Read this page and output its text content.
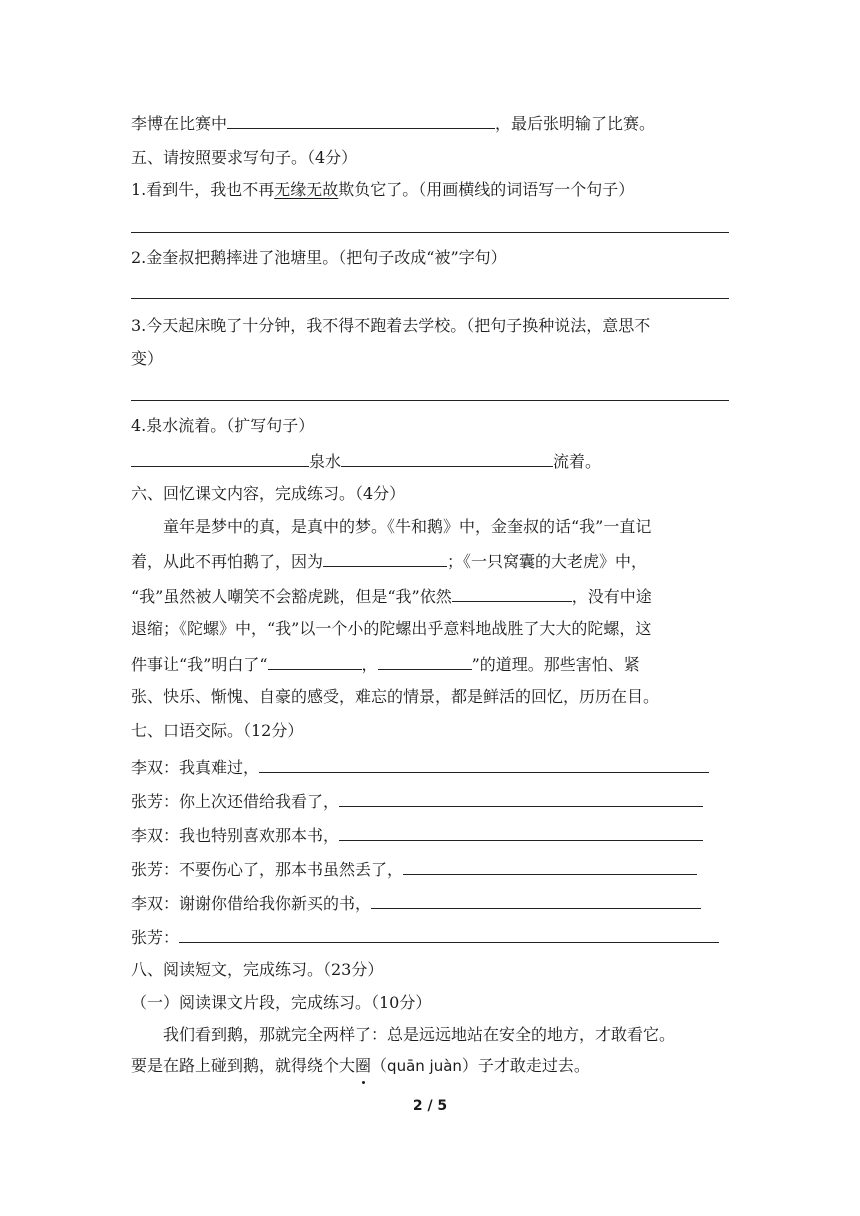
李博在比赛中	，最后张明输了比赛。
五、请按照要求写句子。（4分）
1.看到牛，我也不再无缘无故欺负它了。（用画横线的词语写一个句子）
2.金奎叔把鹅摔进了池塘里。（把句子改成“被”字句）
3.今天起床晚了十分钟，我不得不跑着去学校。（把句子换种说法，意思不
变）
4.泉水流着。（扩写句子）
泉水	流着。
六、回忆课文内容，完成练习。（4分）
童年是梦中的真，是真中的梦。《牛和鹅》中，金奎叔的话“我”一直记
着，从此不再怕鹅了，因为	；《一只窝囊的大老虎》中，
“我”虽然被人嘲笑不会豁虎跳，但是“我”依然	，没有中途
退缩；《陀螺》中，“我”以一个小的陀螺出乎意料地战胜了大大的陀螺，这
件事让“我”明白了“	，	”的道理。那些害怕、紧
张、快乐、惭愧、自豪的感受，难忘的情景，都是鲜活的回忆，历历在目。
七、口语交际。（12分）
李双：我真难过，
张芳：你上次还借给我看了，
李双：我也特别喜欢那本书，
张芳：不要伤心了，那本书虽然丢了，
李双：谢谢你借给我你新买的书，
张芳：
八、阅读短文，完成练习。（23分）
（一）阅读课文片段，完成练习。（10分）
我们看到鹅，那就完全两样了：总是远远地站在安全的地方，才敢看它。
要是在路上碰到鹅，就得绕个大圈（quān juàn）子才敢走过去。
2 / 5
